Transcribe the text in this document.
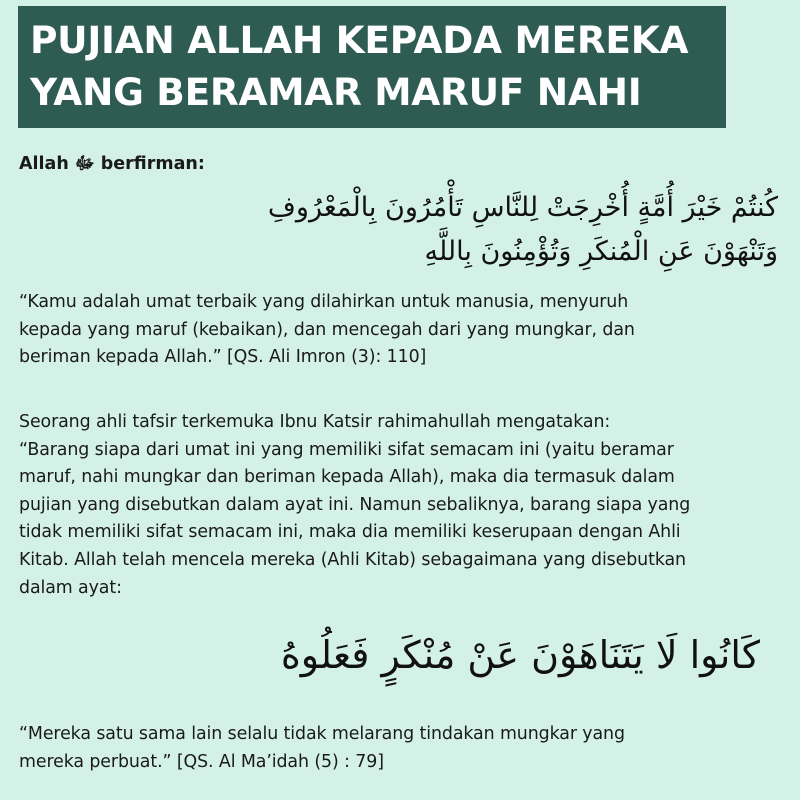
PUJIAN ALLAH KEPADA MEREKA
YANG BERAMAR MARUF NAHI
Allah ﷻ berfirman:
كُنتُمْ خَيْرَ أُمَّةٍ أُخْرِجَتْ لِلنَّاسِ تَأْمُرُونَ بِالْمَعْرُوفِ
وَتَنْهَوْنَ عَنِ الْمُنكَرِ وَتُؤْمِنُونَ بِاللَّهِ
“Kamu adalah umat terbaik yang dilahirkan untuk manusia, menyuruh
kepada yang maruf (kebaikan), dan mencegah dari yang mungkar, dan
beriman kepada Allah.” [QS. Ali Imron (3): 110]
Seorang ahli tafsir terkemuka Ibnu Katsir rahimahullah mengatakan:
“Barang siapa dari umat ini yang memiliki sifat semacam ini (yaitu beramar
maruf, nahi mungkar dan beriman kepada Allah), maka dia termasuk dalam
pujian yang disebutkan dalam ayat ini. Namun sebaliknya, barang siapa yang
tidak memiliki sifat semacam ini, maka dia memiliki keserupaan dengan Ahli
Kitab. Allah telah mencela mereka (Ahli Kitab) sebagaimana yang disebutkan
dalam ayat:
كَانُوا لَا يَتَنَاهَوْنَ عَنْ مُنْكَرٍ فَعَلُوهُ
“Mereka satu sama lain selalu tidak melarang tindakan mungkar yang
mereka perbuat.” [QS. Al Ma’idah (5) : 79]
